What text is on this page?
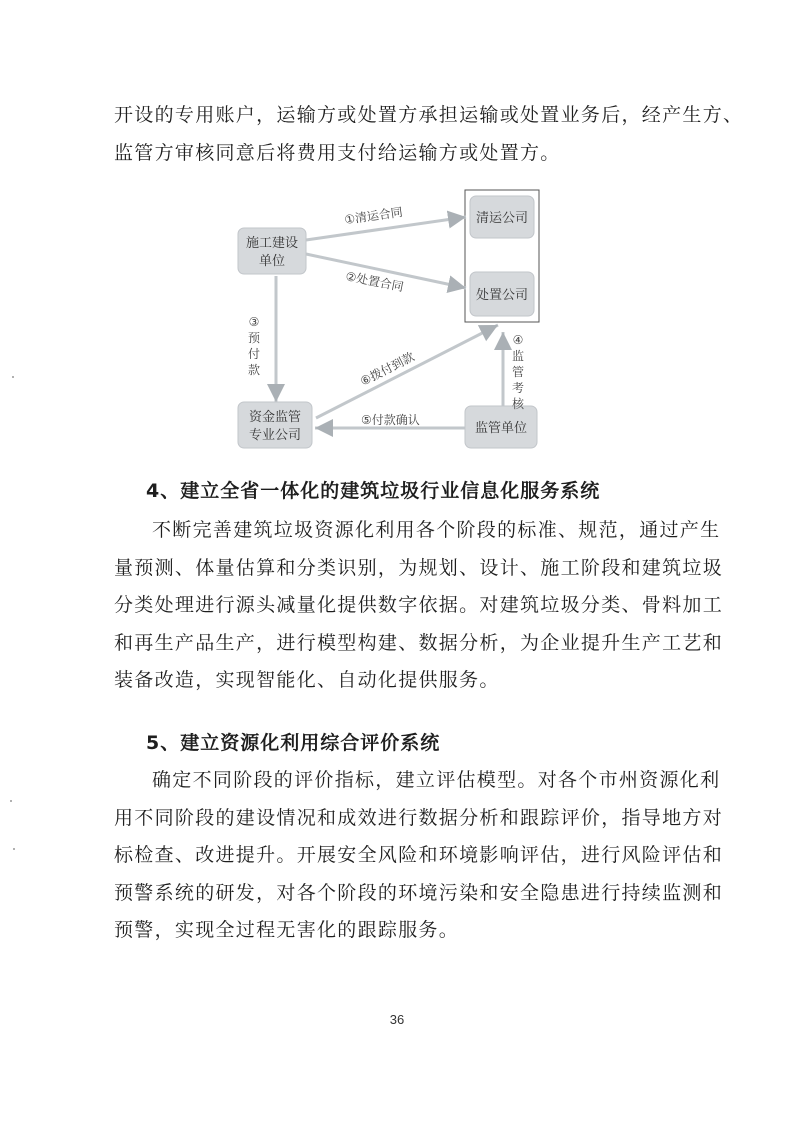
开设的专用账户，运输方或处置方承担运输或处置业务后，经产生方、
监管方审核同意后将费用支付给运输方或处置方。

施工建设
单位
清运公司
处置公司
资金监管
专业公司	监管单位
①清运合同
②处置合同
③
预
付
款
④
监
管
考
核
⑤付款确认
⑥拨付到款

4、建立全省一体化的建筑垃圾行业信息化服务系统

不断完善建筑垃圾资源化利用各个阶段的标准、规范，通过产生
量预测、体量估算和分类识别，为规划、设计、施工阶段和建筑垃圾
分类处理进行源头减量化提供数字依据。对建筑垃圾分类、骨料加工
和再生产品生产，进行模型构建、数据分析，为企业提升生产工艺和
装备改造，实现智能化、自动化提供服务。

5、建立资源化利用综合评价系统

确定不同阶段的评价指标，建立评估模型。对各个市州资源化利
用不同阶段的建设情况和成效进行数据分析和跟踪评价，指导地方对
标检查、改进提升。开展安全风险和环境影响评估，进行风险评估和
预警系统的研发，对各个阶段的环境污染和安全隐患进行持续监测和
预警，实现全过程无害化的跟踪服务。

36
